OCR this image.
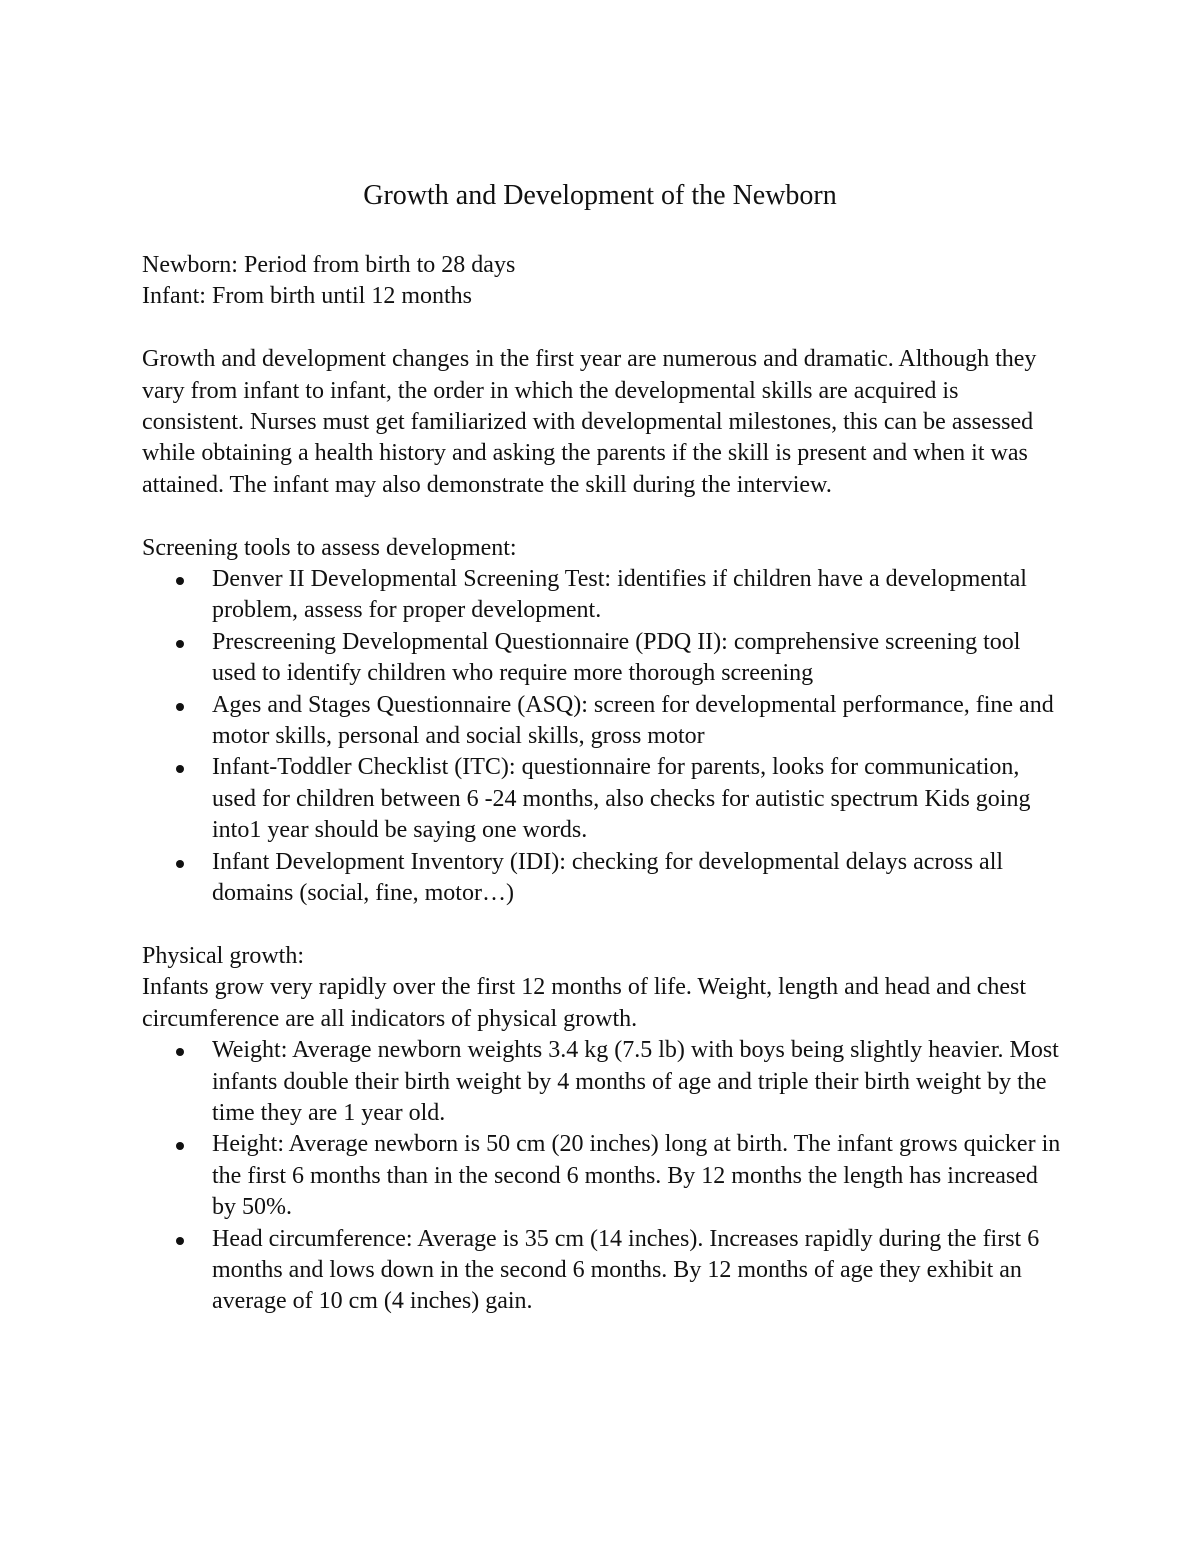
Growth and Development of the Newborn

Newborn: Period from birth to 28 days

Infant: From birth until 12 months

Growth and development changes in the first year are numerous and dramatic. Although they vary from infant to infant, the order in which the developmental skills are acquired is consistent. Nurses must get familiarized with developmental milestones, this can be assessed while obtaining a health history and asking the parents if the skill is present and when it was attained. The infant may also demonstrate the skill during the interview.

Screening tools to assess development:

Denver II Developmental Screening Test: identifies if children have a developmental problem, assess for proper development.
Prescreening Developmental Questionnaire (PDQ II): comprehensive screening tool used to identify children who require more thorough screening
Ages and Stages Questionnaire (ASQ): screen for developmental performance, fine and motor skills, personal and social skills, gross motor
Infant-Toddler Checklist (ITC): questionnaire for parents, looks for communication, used for children between 6 -24 months, also checks for autistic spectrum Kids going into1 year should be saying one words.
Infant Development Inventory (IDI): checking for developmental delays across all domains (social, fine, motor…)

Physical growth:

Infants grow very rapidly over the first 12 months of life. Weight, length and head and chest circumference are all indicators of physical growth.

Weight: Average newborn weights 3.4 kg (7.5 lb) with boys being slightly heavier. Most infants double their birth weight by 4 months of age and triple their birth weight by the time they are 1 year old.
Height: Average newborn is 50 cm (20 inches) long at birth. The infant grows quicker in the first 6 months than in the second 6 months. By 12 months the length has increased by 50%.
Head circumference: Average is 35 cm (14 inches). Increases rapidly during the first 6 months and lows down in the second 6 months. By 12 months of age they exhibit an average of 10 cm (4 inches) gain.
